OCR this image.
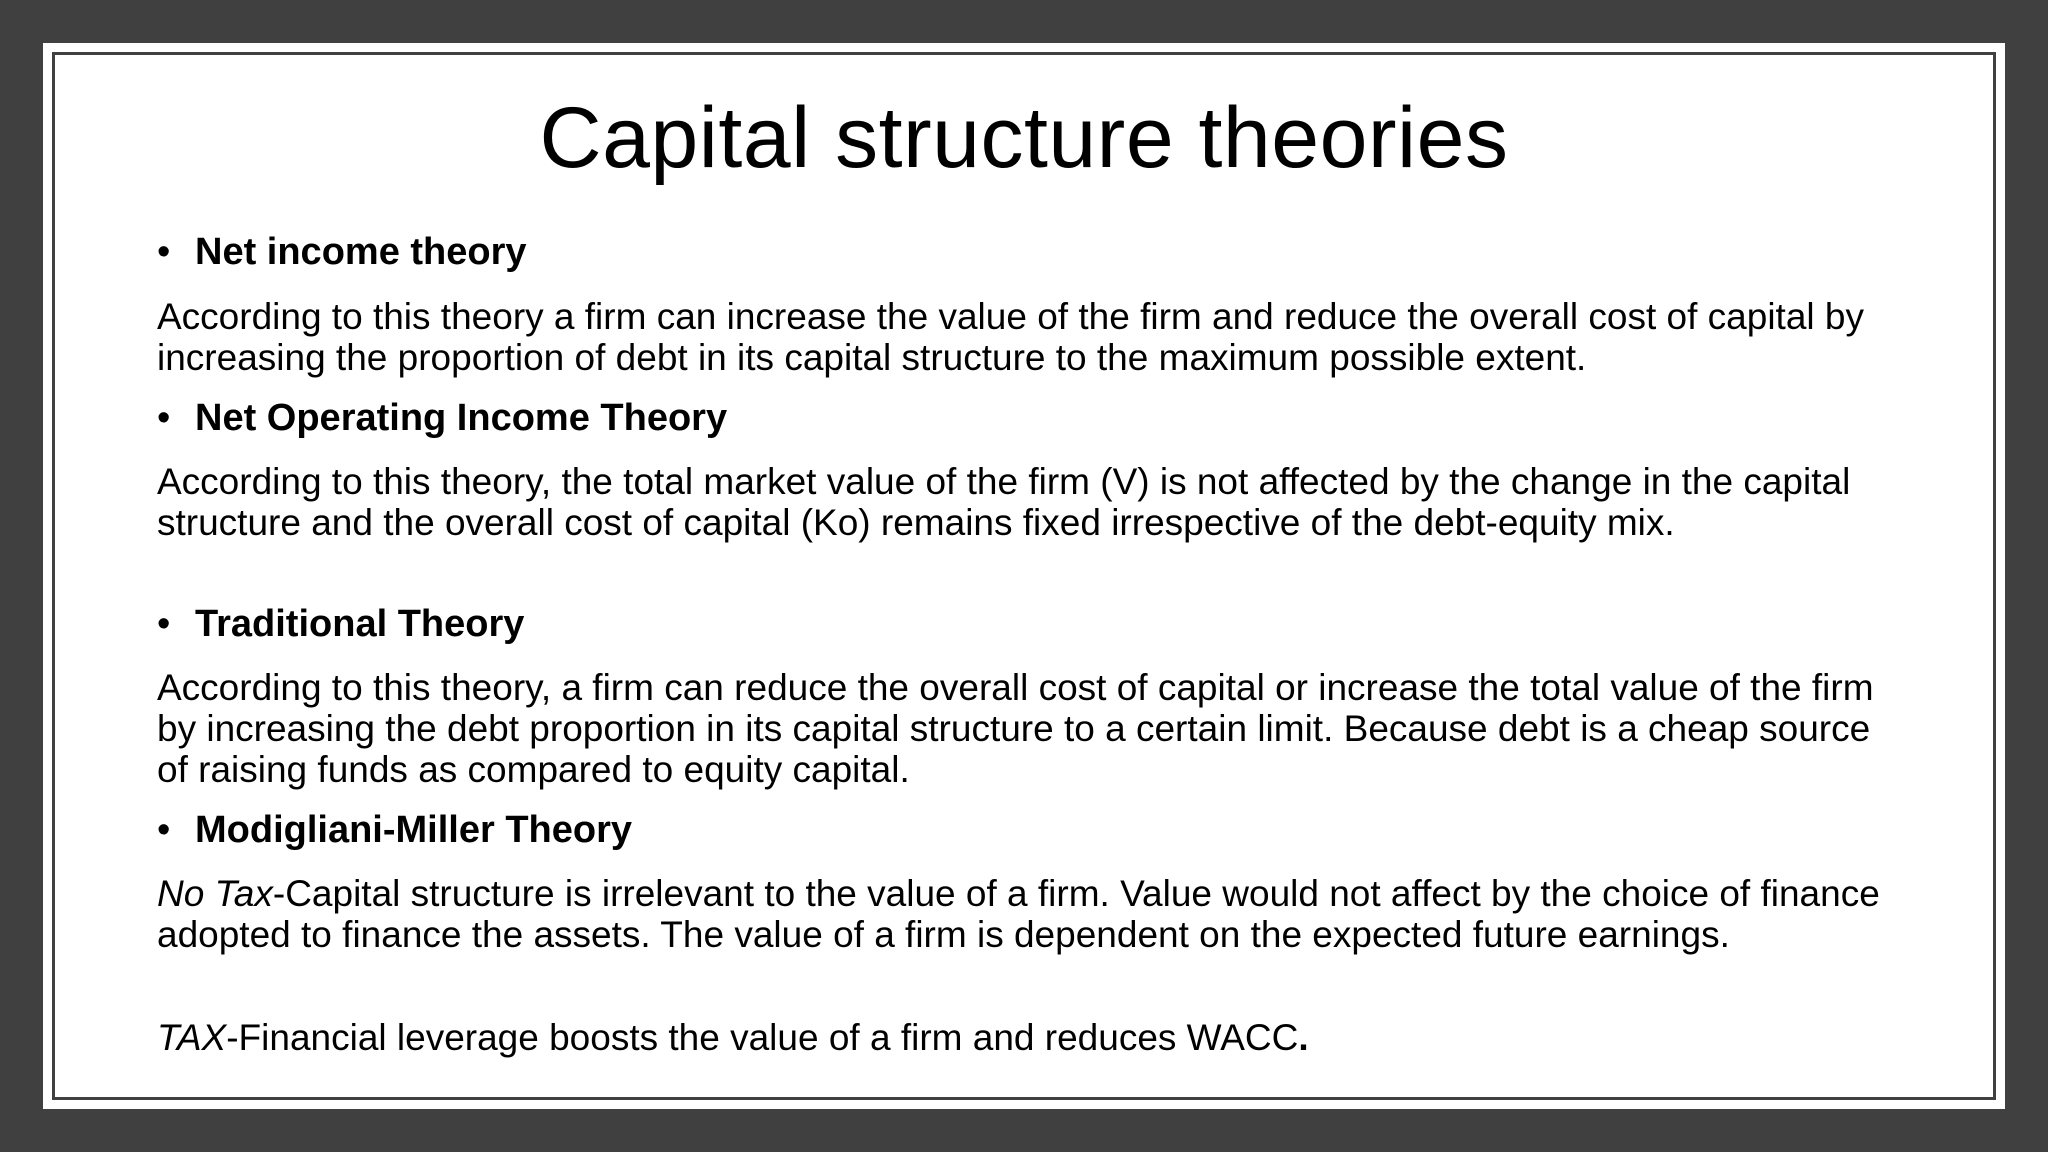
Capital structure theories
• Net income theory
According to this theory a firm can increase the value of the firm and reduce the overall cost of capital by increasing the proportion of debt in its capital structure to the maximum possible extent.
• Net Operating Income Theory
According to this theory, the total market value of the firm (V) is not affected by the change in the capital structure and the overall cost of capital (Ko) remains fixed irrespective of the debt-equity mix.
• Traditional Theory
According to this theory, a firm can reduce the overall cost of capital or increase the total value of the firm by increasing the debt proportion in its capital structure to a certain limit. Because debt is a cheap source of raising funds as compared to equity capital.
• Modigliani-Miller Theory
No Tax-Capital structure is irrelevant to the value of a firm. Value would not affect by the choice of finance adopted to finance the assets. The value of a firm is dependent on the expected future earnings.
TAX-Financial leverage boosts the value of a firm and reduces WACC.
